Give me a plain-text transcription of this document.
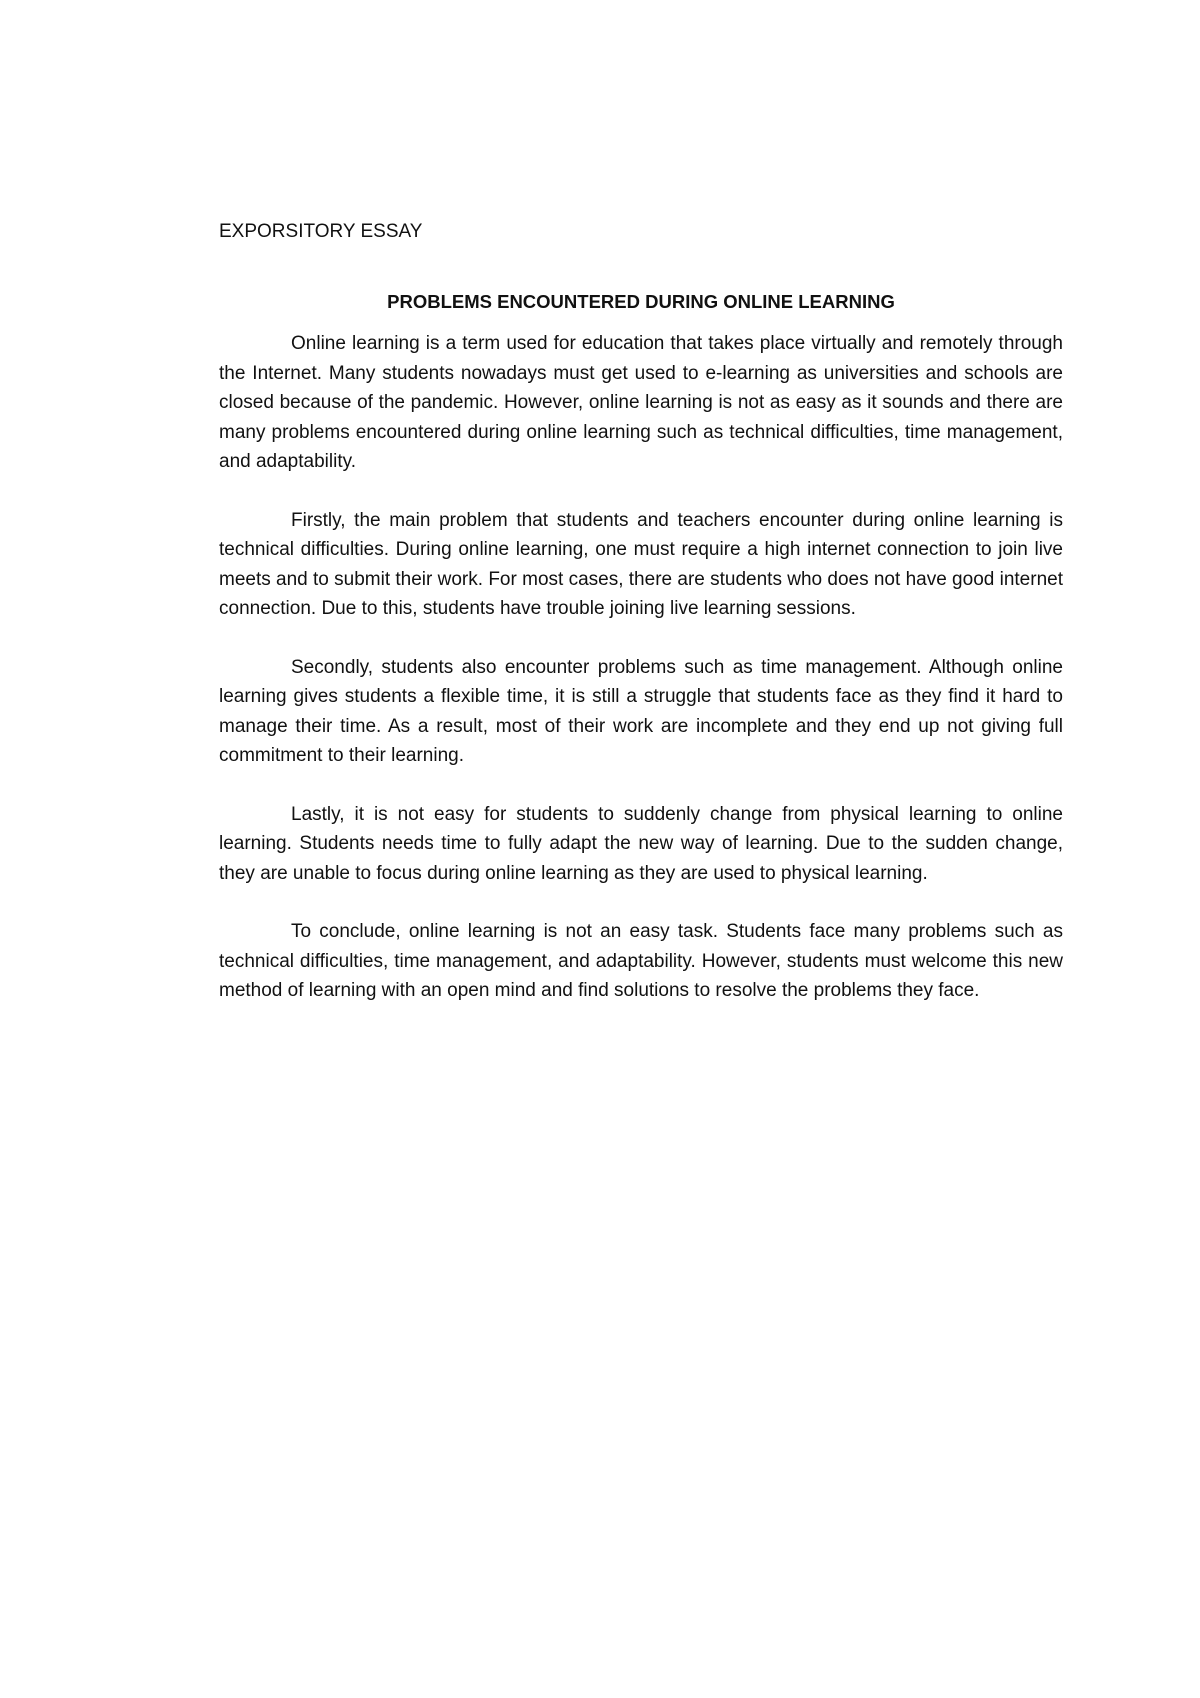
EXPORSITORY ESSAY
PROBLEMS ENCOUNTERED DURING ONLINE LEARNING

Online learning is a term used for education that takes place virtually and remotely through the Internet. Many students nowadays must get used to e-learning as universities and schools are closed because of the pandemic. However, online learning is not as easy as it sounds and there are many problems encountered during online learning such as technical difficulties, time management, and adaptability.

Firstly, the main problem that students and teachers encounter during online learning is technical difficulties. During online learning, one must require a high internet connection to join live meets and to submit their work. For most cases, there are students who does not have good internet connection. Due to this, students have trouble joining live learning sessions.

Secondly, students also encounter problems such as time management. Although online learning gives students a flexible time, it is still a struggle that students face as they find it hard to manage their time. As a result, most of their work are incomplete and they end up not giving full commitment to their learning.

Lastly, it is not easy for students to suddenly change from physical learning to online learning. Students needs time to fully adapt the new way of learning. Due to the sudden change, they are unable to focus during online learning as they are used to physical learning.

To conclude, online learning is not an easy task. Students face many problems such as technical difficulties, time management, and adaptability. However, students must welcome this new method of learning with an open mind and find solutions to resolve the problems they face.
